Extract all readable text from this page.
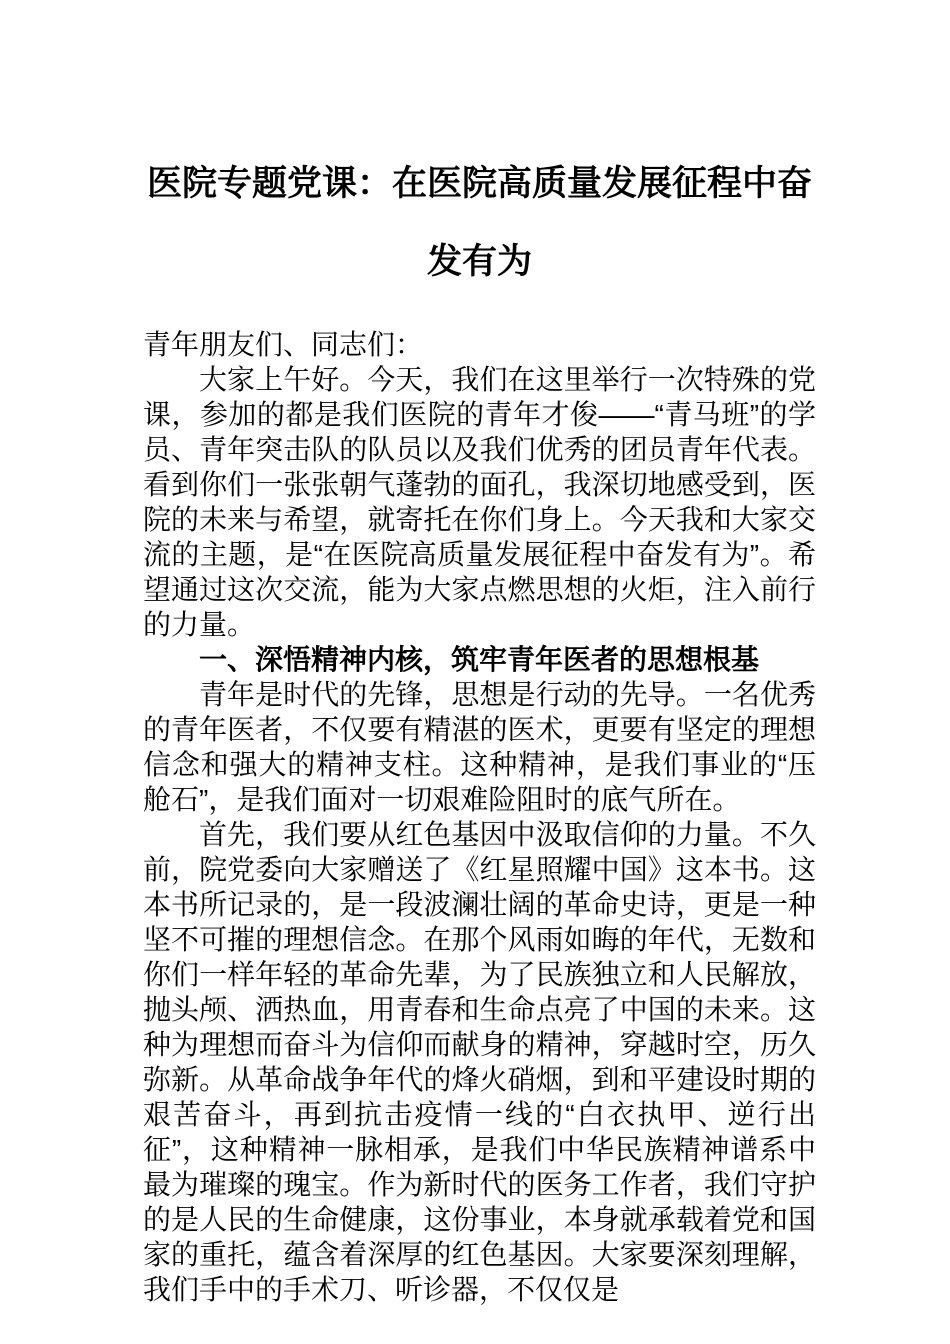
医院专题党课：在医院高质量发展征程中奋发有为

青年朋友们、同志们：

大家上午好。今天，我们在这里举行一次特殊的党课，参加的都是我们医院的青年才俊——“青马班”的学员、青年突击队的队员以及我们优秀的团员青年代表。看到你们一张张朝气蓬勃的面孔，我深切地感受到，医院的未来与希望，就寄托在你们身上。今天我和大家交流的主题，是“在医院高质量发展征程中奋发有为”。希望通过这次交流，能为大家点燃思想的火炬，注入前行的力量。

一、深悟精神内核，筑牢青年医者的思想根基

青年是时代的先锋，思想是行动的先导。一名优秀的青年医者，不仅要有精湛的医术，更要有坚定的理想信念和强大的精神支柱。这种精神，是我们事业的“压舱石”，是我们面对一切艰难险阻时的底气所在。

首先，我们要从红色基因中汲取信仰的力量。不久前，院党委向大家赠送了《红星照耀中国》这本书。这本书所记录的，是一段波澜壮阔的革命史诗，更是一种坚不可摧的理想信念。在那个风雨如晦的年代，无数和你们一样年轻的革命先辈，为了民族独立和人民解放，抛头颅、洒热血，用青春和生命点亮了中国的未来。这种为理想而奋斗为信仰而献身的精神，穿越时空，历久弥新。从革命战争年代的烽火硝烟，到和平建设时期的艰苦奋斗，再到抗击疫情一线的“白衣执甲、逆行出征”，这种精神一脉相承，是我们中华民族精神谱系中最为璀璨的瑰宝。作为新时代的医务工作者，我们守护的是人民的生命健康，这份事业，本身就承载着党和国家的重托，蕴含着深厚的红色基因。大家要深刻理解，我们手中的手术刀、听诊器，不仅仅是
